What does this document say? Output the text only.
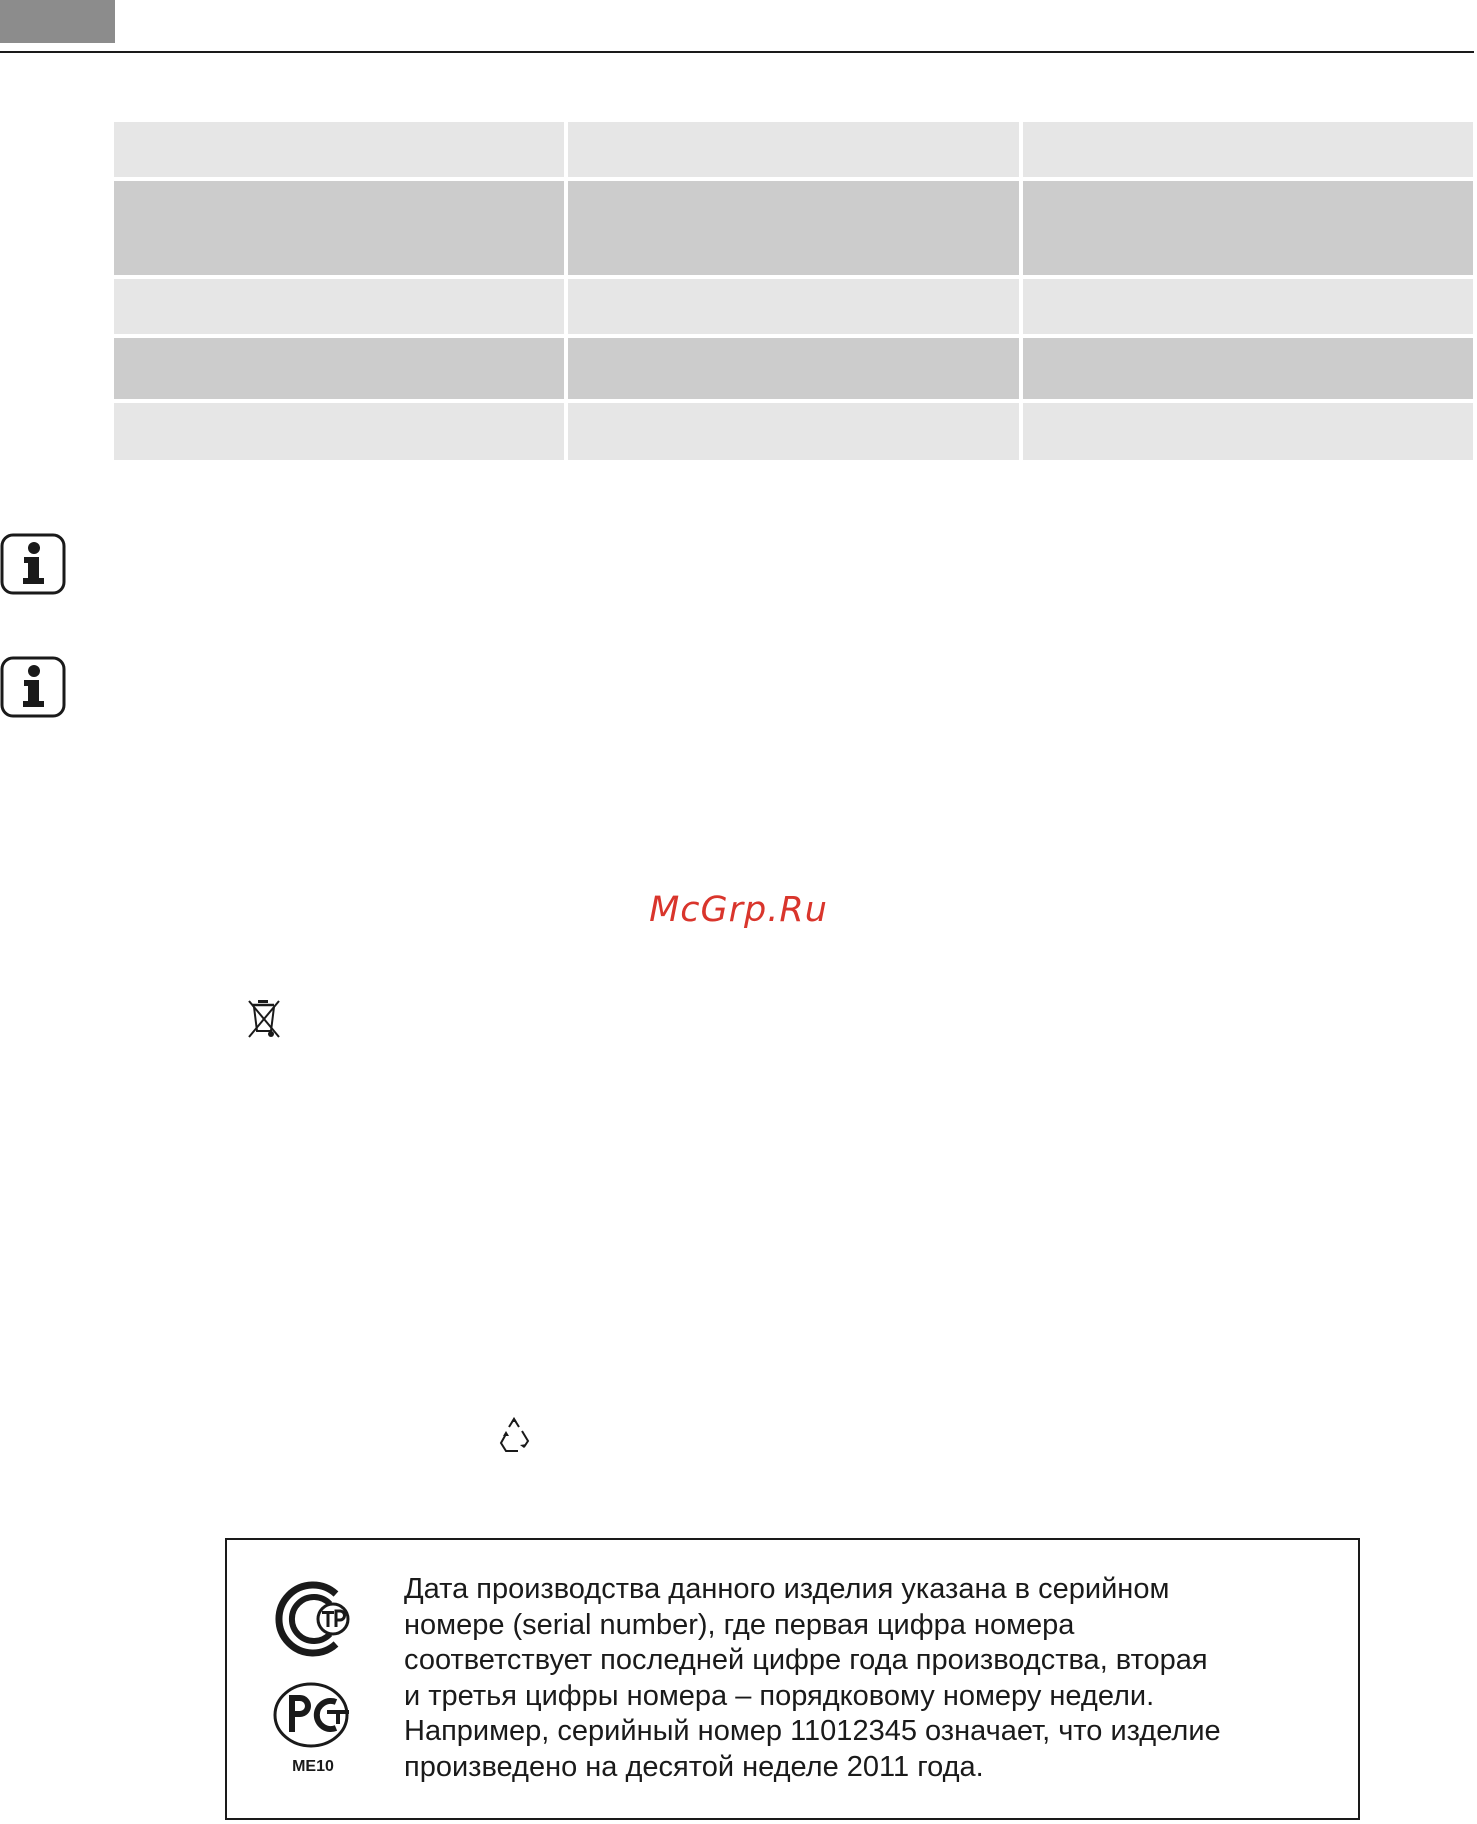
McGrp.Ru
ME10
Дата производства данного изделия указана в серийном
номере (serial number), где первая цифра номера
соответствует последней цифре года производства, вторая
и третья цифры номера – порядковому номеру недели.
Например, серийный номер 11012345 означает, что изделие
произведено на десятой неделе 2011 года.
